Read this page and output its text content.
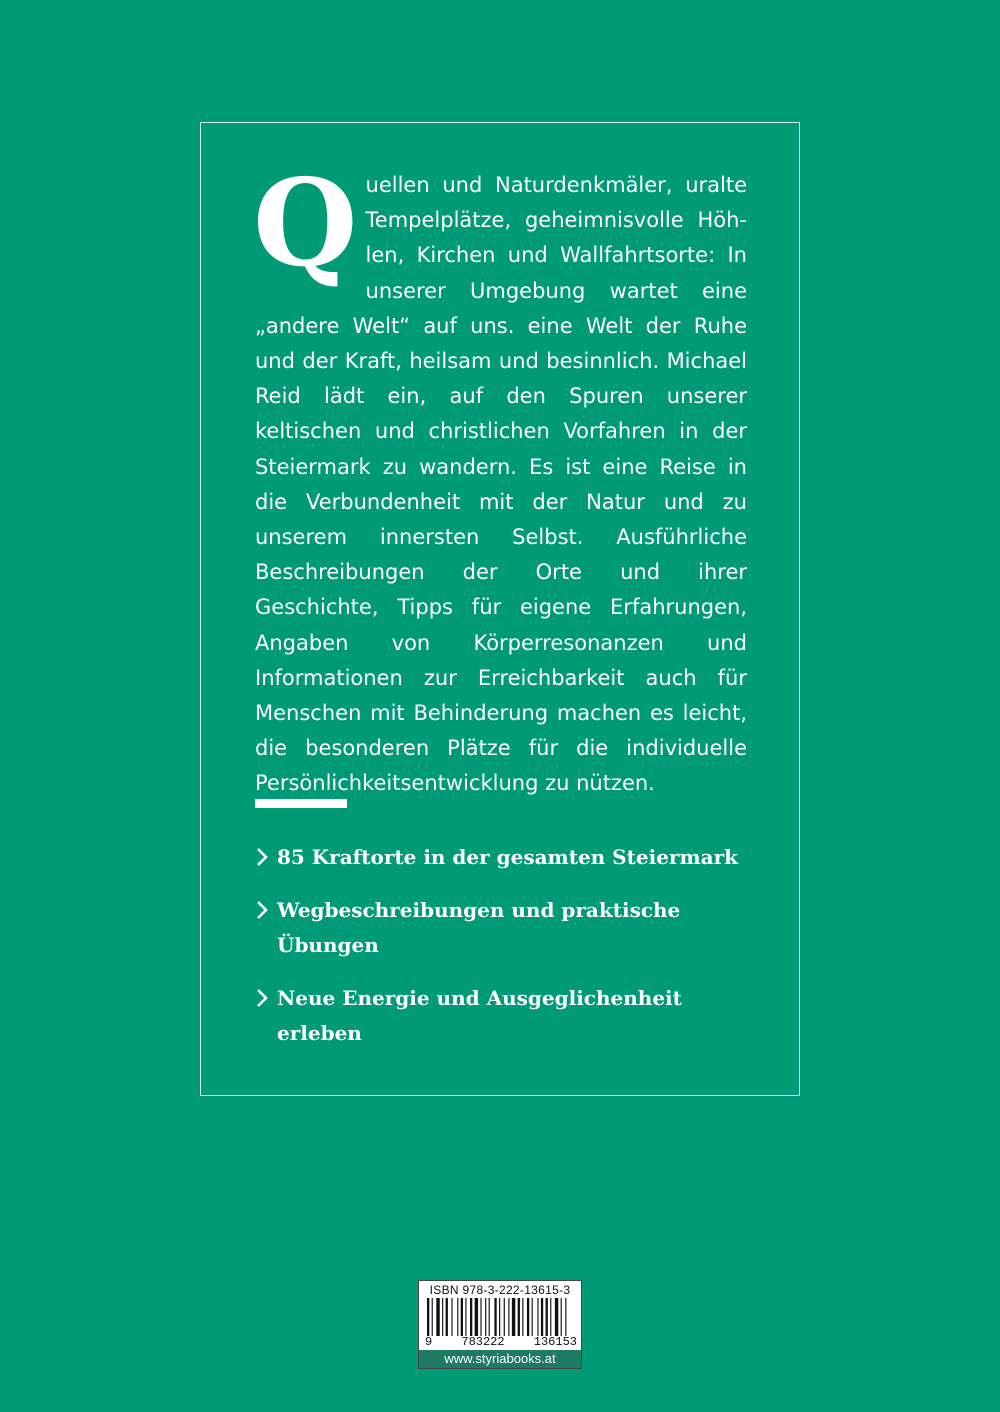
Quellen und Naturdenkmäler, uralte Tempelplätze, geheimnisvolle Höhlen, Kirchen und Wallfahrtsorte: In unserer Umgebung wartet eine „andere Welt“ auf uns. eine Welt der Ruhe und der Kraft, heilsam und besinnlich. Michael Reid lädt ein, auf den Spuren unserer keltischen und christlichen Vorfahren in der Steiermark zu wandern. Es ist eine Reise in die Verbundenheit mit der Natur und zu unserem innersten Selbst. Ausführliche Beschreibungen der Orte und ihrer Geschichte, Tipps für eigene Erfahrungen, Angaben von Körperresonanzen und Informationen zur Erreichbarkeit auch für Menschen mit Behinderung machen es leicht, die besonderen Plätze für die individuelle Persönlichkeitsentwicklung zu nützen.

85 Kraftorte in der gesamten Steiermark
Wegbeschreibungen und praktische Übungen
Neue Energie und Ausgeglichenheit erleben
ISBN 978-3-222-13615-3
9 783222 136153
www.styriabooks.at
